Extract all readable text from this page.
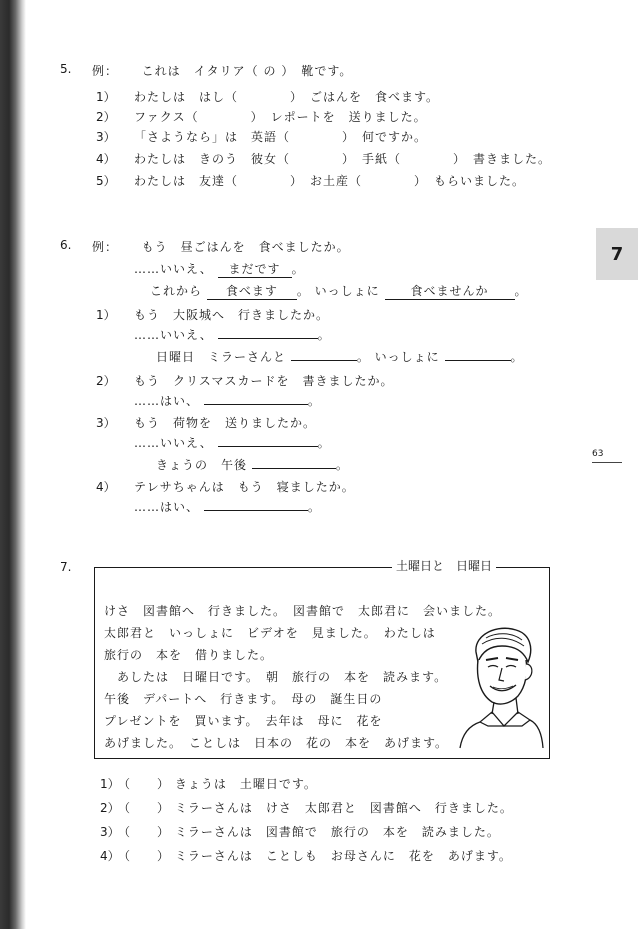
5. 例： これは　イタリア（ の ）　靴です。
1） わたしは　はし（	）　ごはんを　食べます。
2） ファクス（	）　レポートを　送りました。
3） 「さようなら」は　英語（	）　何ですか。
4） わたしは　きのう　彼女（	）　手紙（	）　書きました。
5） わたしは　友達（	）　お土産（	）　もらいました。
6. 例： もう　昼ごはんを　食べましたか。
……いいえ、 まだです 。
これから 食べます 。 いっしょに	食べませんか 。
1） もう　大阪城へ　行きましたか。
……いいえ、	。
日曜日　ミラーさんと	。 いっしょに	。
2） もう　クリスマスカードを　書きましたか。
……はい、	。
3） もう　荷物を　送りましたか。
……いいえ、	。
きょうの　午後	。
4） テレサちゃんは　もう　寝ましたか。
……はい、	。
7
63
7.	土曜日と　日曜日
けさ　図書館へ　行きました。　図書館で　太郎君に　会いました。
太郎君と　いっしょに　ビデオを　見ました。　わたしは
旅行の　本を　借りました。
　あしたは　日曜日です。　朝　旅行の　本を　読みます。
午後　デパートへ　行きます。　母の　誕生日の
プレゼントを　買います。　去年は　母に　花を
あげました。　ことしは　日本の　花の　本を　あげます。
1）
（　　） きょうは　土曜日です。
2）
（　　） ミラーさんは　けさ　太郎君と　図書館へ　行きました。
3）
（　　） ミラーさんは　図書館で　旅行の　本を　読みました。
4）
（　　） ミラーさんは　ことしも　お母さんに　花を　あげます。
